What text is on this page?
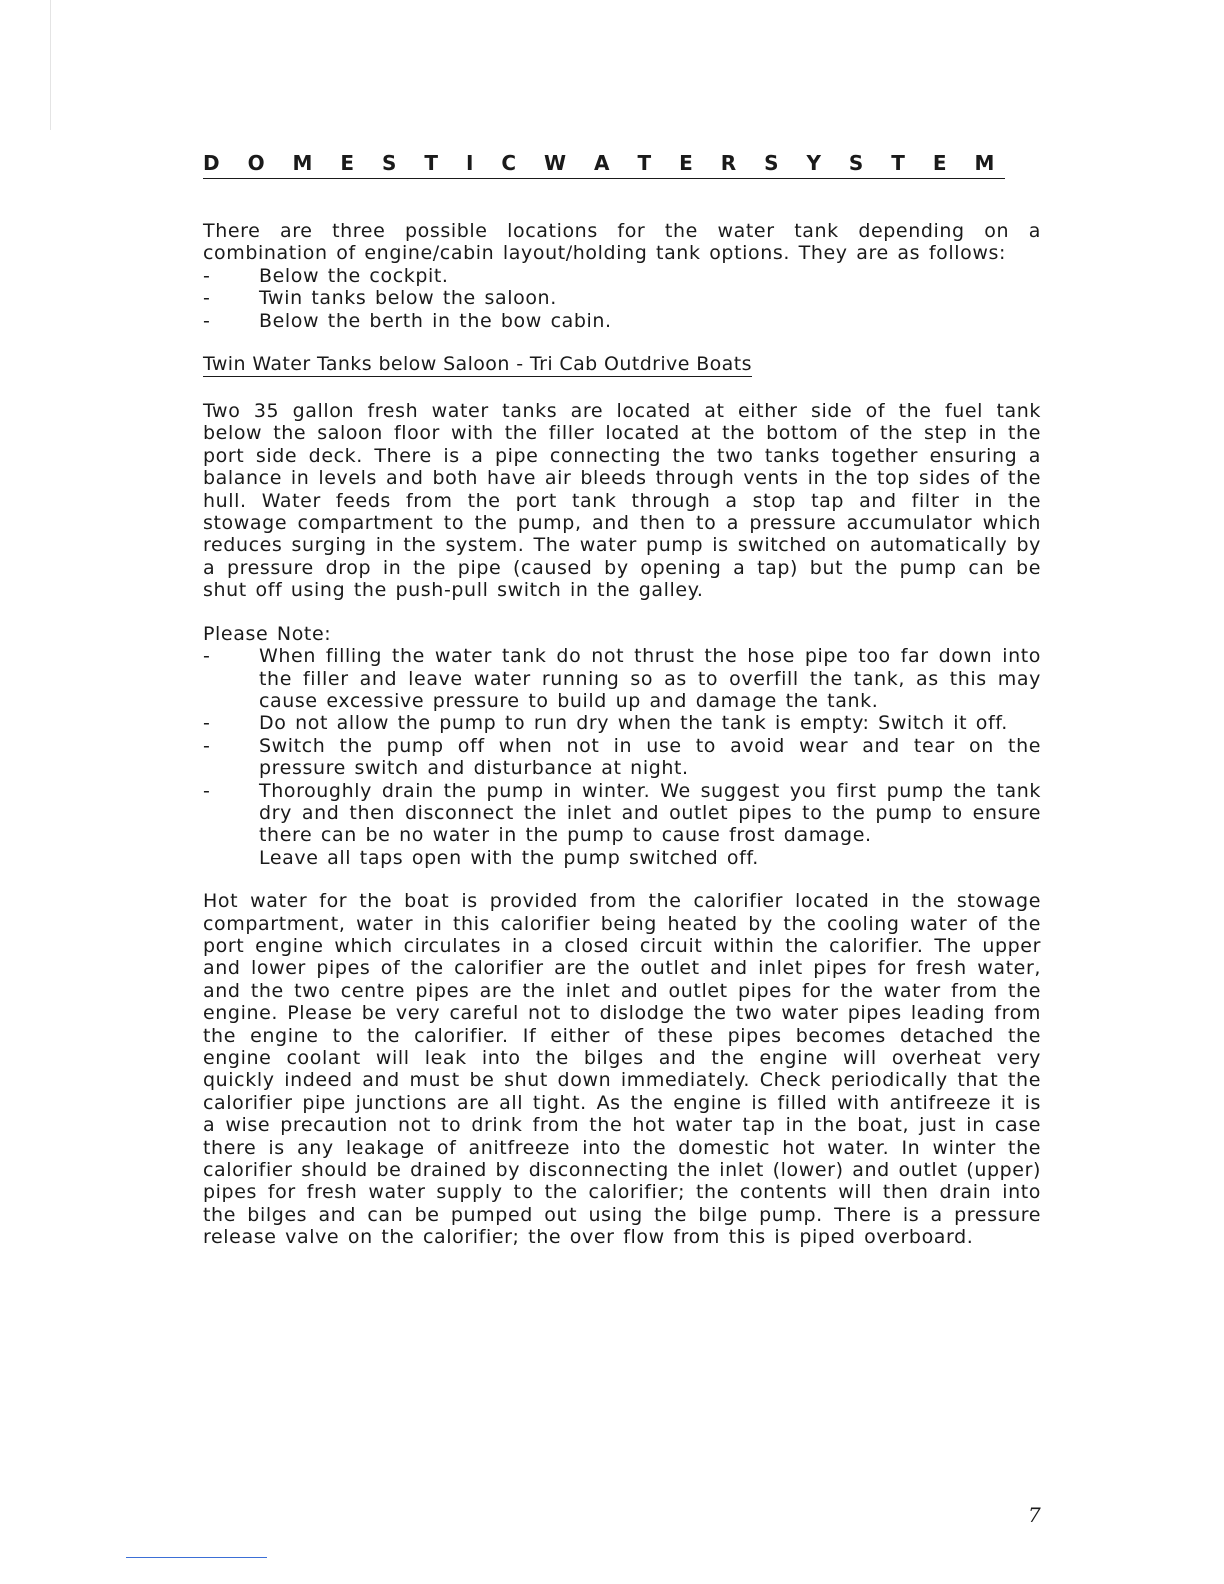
D O M E S T I C W A T E R S Y S T E M

There are three possible locations for the water tank depending on a combination of engine/cabin layout/holding tank options. They are as follows:

-	Below the cockpit.
-	Twin tanks below the saloon.
-	Below the berth in the bow cabin.
Twin Water Tanks below Saloon - Tri Cab Outdrive Boats

Two 35 gallon fresh water tanks are located at either side of the fuel tank below the saloon floor with the filler located at the bottom of the step in the port side deck. There is a pipe connecting the two tanks together ensuring a balance in levels and both have air bleeds through vents in the top sides of the hull. Water feeds from the port tank through a stop tap and filter in the stowage compartment to the pump, and then to a pressure accumulator which reduces surging in the system. The water pump is switched on automatically by a pressure drop in the pipe (caused by opening a tap) but the pump can be shut off using the push-pull switch in the galley.

Please Note:

-	When filling the water tank do not thrust the hose pipe too far down into the filler and leave water running so as to overfill the tank, as this may cause excessive pressure to build up and damage the tank.
-	Do not allow the pump to run dry when the tank is empty: Switch it off.
-	Switch the pump off when not in use to avoid wear and tear on the pressure switch and disturbance at night.
-	Thoroughly drain the pump in winter. We suggest you first pump the tank dry and then disconnect the inlet and outlet pipes to the pump to ensure there can be no water in the pump to cause frost damage.
Leave all taps open with the pump switched off.

Hot water for the boat is provided from the calorifier located in the stowage compartment, water in this calorifier being heated by the cooling water of the port engine which circulates in a closed circuit within the calorifier. The upper and lower pipes of the calorifier are the outlet and inlet pipes for fresh water, and the two centre pipes are the inlet and outlet pipes for the water from the engine. Please be very careful not to dislodge the two water pipes leading from the engine to the calorifier. If either of these pipes becomes detached the engine coolant will leak into the bilges and the engine will overheat very quickly indeed and must be shut down immediately. Check periodically that the calorifier pipe junctions are all tight. As the engine is filled with antifreeze it is a wise precaution not to drink from the hot water tap in the boat, just in case there is any leakage of anitfreeze into the domestic hot water. In winter the calorifier should be drained by disconnecting the inlet (lower) and outlet (upper) pipes for fresh water supply to the calorifier; the contents will then drain into the bilges and can be pumped out using the bilge pump. There is a pressure release valve on the calorifier; the over flow from this is piped overboard.

7
